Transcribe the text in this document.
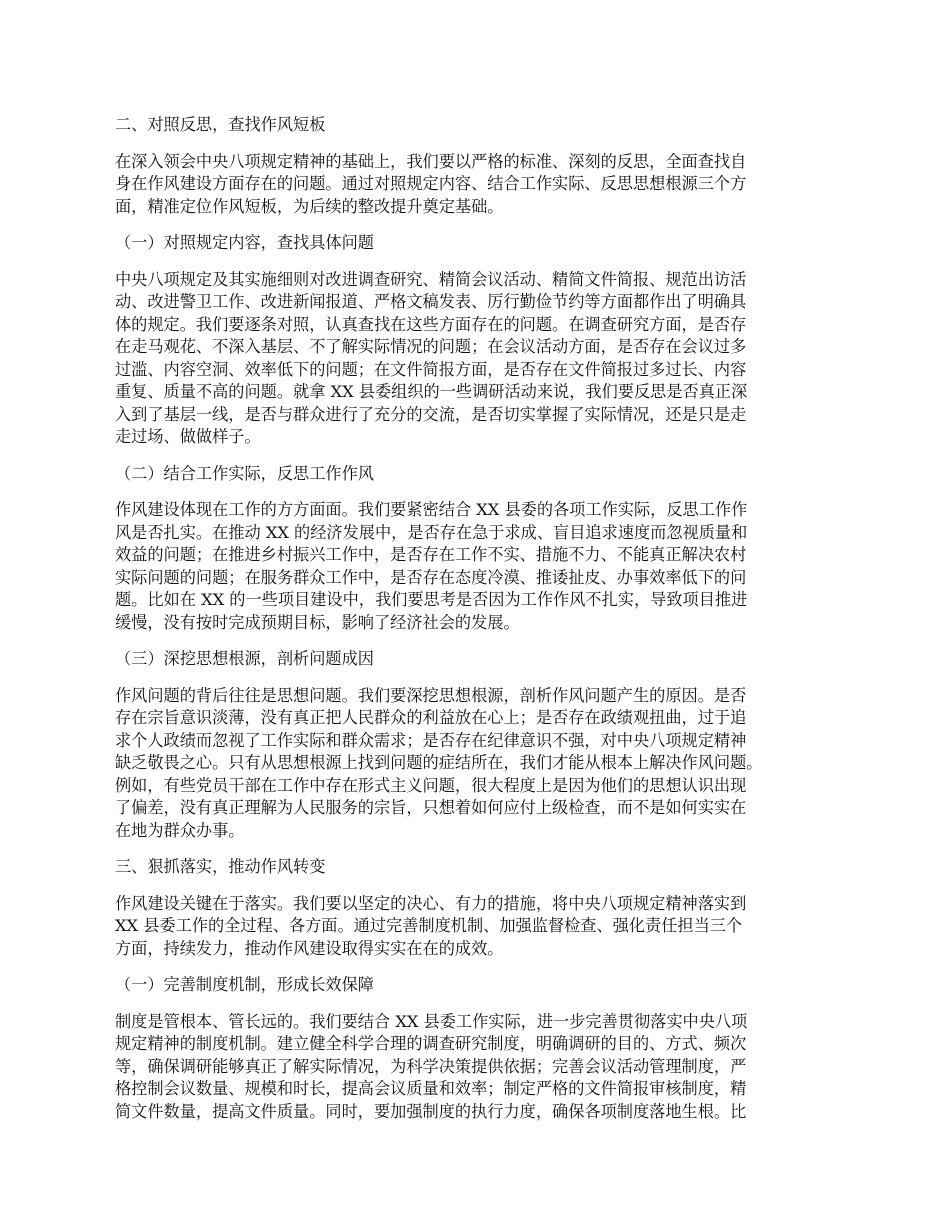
二、对照反思，查找作风短板
在深入领会中央八项规定精神的基础上，我们要以严格的标准、深刻的反思，全面查找自
身在作风建设方面存在的问题。通过对照规定内容、结合工作实际、反思思想根源三个方
面，精准定位作风短板，为后续的整改提升奠定基础。
（一）对照规定内容，查找具体问题
中央八项规定及其实施细则对改进调查研究、精简会议活动、精简文件简报、规范出访活
动、改进警卫工作、改进新闻报道、严格文稿发表、厉行勤俭节约等方面都作出了明确具
体的规定。我们要逐条对照，认真查找在这些方面存在的问题。在调查研究方面，是否存
在走马观花、不深入基层、不了解实际情况的问题；在会议活动方面，是否存在会议过多
过滥、内容空洞、效率低下的问题；在文件简报方面，是否存在文件简报过多过长、内容
重复、质量不高的问题。就拿 XX 县委组织的一些调研活动来说，我们要反思是否真正深
入到了基层一线，是否与群众进行了充分的交流，是否切实掌握了实际情况，还是只是走
走过场、做做样子。
（二）结合工作实际，反思工作作风
作风建设体现在工作的方方面面。我们要紧密结合 XX 县委的各项工作实际，反思工作作
风是否扎实。在推动 XX 的经济发展中，是否存在急于求成、盲目追求速度而忽视质量和
效益的问题；在推进乡村振兴工作中，是否存在工作不实、措施不力、不能真正解决农村
实际问题的问题；在服务群众工作中，是否存在态度冷漠、推诿扯皮、办事效率低下的问
题。比如在 XX 的一些项目建设中，我们要思考是否因为工作作风不扎实，导致项目推进
缓慢，没有按时完成预期目标，影响了经济社会的发展。
（三）深挖思想根源，剖析问题成因
作风问题的背后往往是思想问题。我们要深挖思想根源，剖析作风问题产生的原因。是否
存在宗旨意识淡薄，没有真正把人民群众的利益放在心上；是否存在政绩观扭曲，过于追
求个人政绩而忽视了工作实际和群众需求；是否存在纪律意识不强，对中央八项规定精神
缺乏敬畏之心。只有从思想根源上找到问题的症结所在，我们才能从根本上解决作风问题。
例如，有些党员干部在工作中存在形式主义问题，很大程度上是因为他们的思想认识出现
了偏差，没有真正理解为人民服务的宗旨，只想着如何应付上级检查，而不是如何实实在
在地为群众办事。
三、狠抓落实，推动作风转变
作风建设关键在于落实。我们要以坚定的决心、有力的措施，将中央八项规定精神落实到
XX 县委工作的全过程、各方面。通过完善制度机制、加强监督检查、强化责任担当三个
方面，持续发力，推动作风建设取得实实在在的成效。
（一）完善制度机制，形成长效保障
制度是管根本、管长远的。我们要结合 XX 县委工作实际，进一步完善贯彻落实中央八项
规定精神的制度机制。建立健全科学合理的调查研究制度，明确调研的目的、方式、频次
等，确保调研能够真正了解实际情况，为科学决策提供依据；完善会议活动管理制度，严
格控制会议数量、规模和时长，提高会议质量和效率；制定严格的文件简报审核制度，精
简文件数量，提高文件质量。同时，要加强制度的执行力度，确保各项制度落地生根。比
